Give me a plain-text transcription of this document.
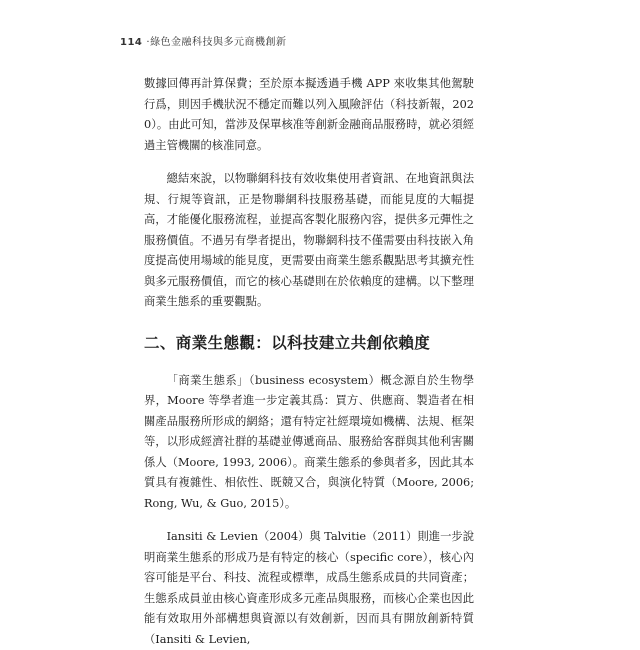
114 ·綠色金融科技與多元商機創新

數據回傳再計算保費；至於原本擬透過手機 APP 來收集其他駕駛行爲，則因手機狀況不穩定而難以列入風險評估（科技新報，2020）。由此可知，當涉及保單核准等創新金融商品服務時，就必須經過主管機關的核准同意。

總結來說，以物聯網科技有效收集使用者資訊、在地資訊與法規、行規等資訊，正是物聯網科技服務基礎，而能見度的大幅提高，才能優化服務流程，並提高客製化服務內容，提供多元彈性之服務價值。不過另有學者提出，物聯網科技不僅需要由科技嵌入角度提高使用場域的能見度，更需要由商業生態系觀點思考其擴充性與多元服務價值，而它的核心基礎則在於依賴度的建構。以下整理商業生態系的重要觀點。

二、商業生態觀：以科技建立共創依賴度

「商業生態系」（business ecosystem）概念源自於生物學界，Moore 等學者進一步定義其爲：買方、供應商、製造者在相關產品服務所形成的網絡；還有特定社經環境如機構、法規、框架等，以形成經濟社群的基礎並傳遞商品、服務給客群與其他利害關係人（Moore, 1993, 2006）。商業生態系的參與者多，因此其本質具有複雜性、相依性、既競又合，與演化特質（Moore, 2006; Rong, Wu, & Guo, 2015）。

Iansiti & Levien（2004）與 Talvitie（2011）則進一步說明商業生態系的形成乃是有特定的核心（specific core），核心內容可能是平台、科技、流程或標準，成爲生態系成員的共同資產；生態系成員並由核心資產形成多元產品與服務，而核心企業也因此能有效取用外部構想與資源以有效創新，因而具有開放創新特質（Iansiti & Levien,
